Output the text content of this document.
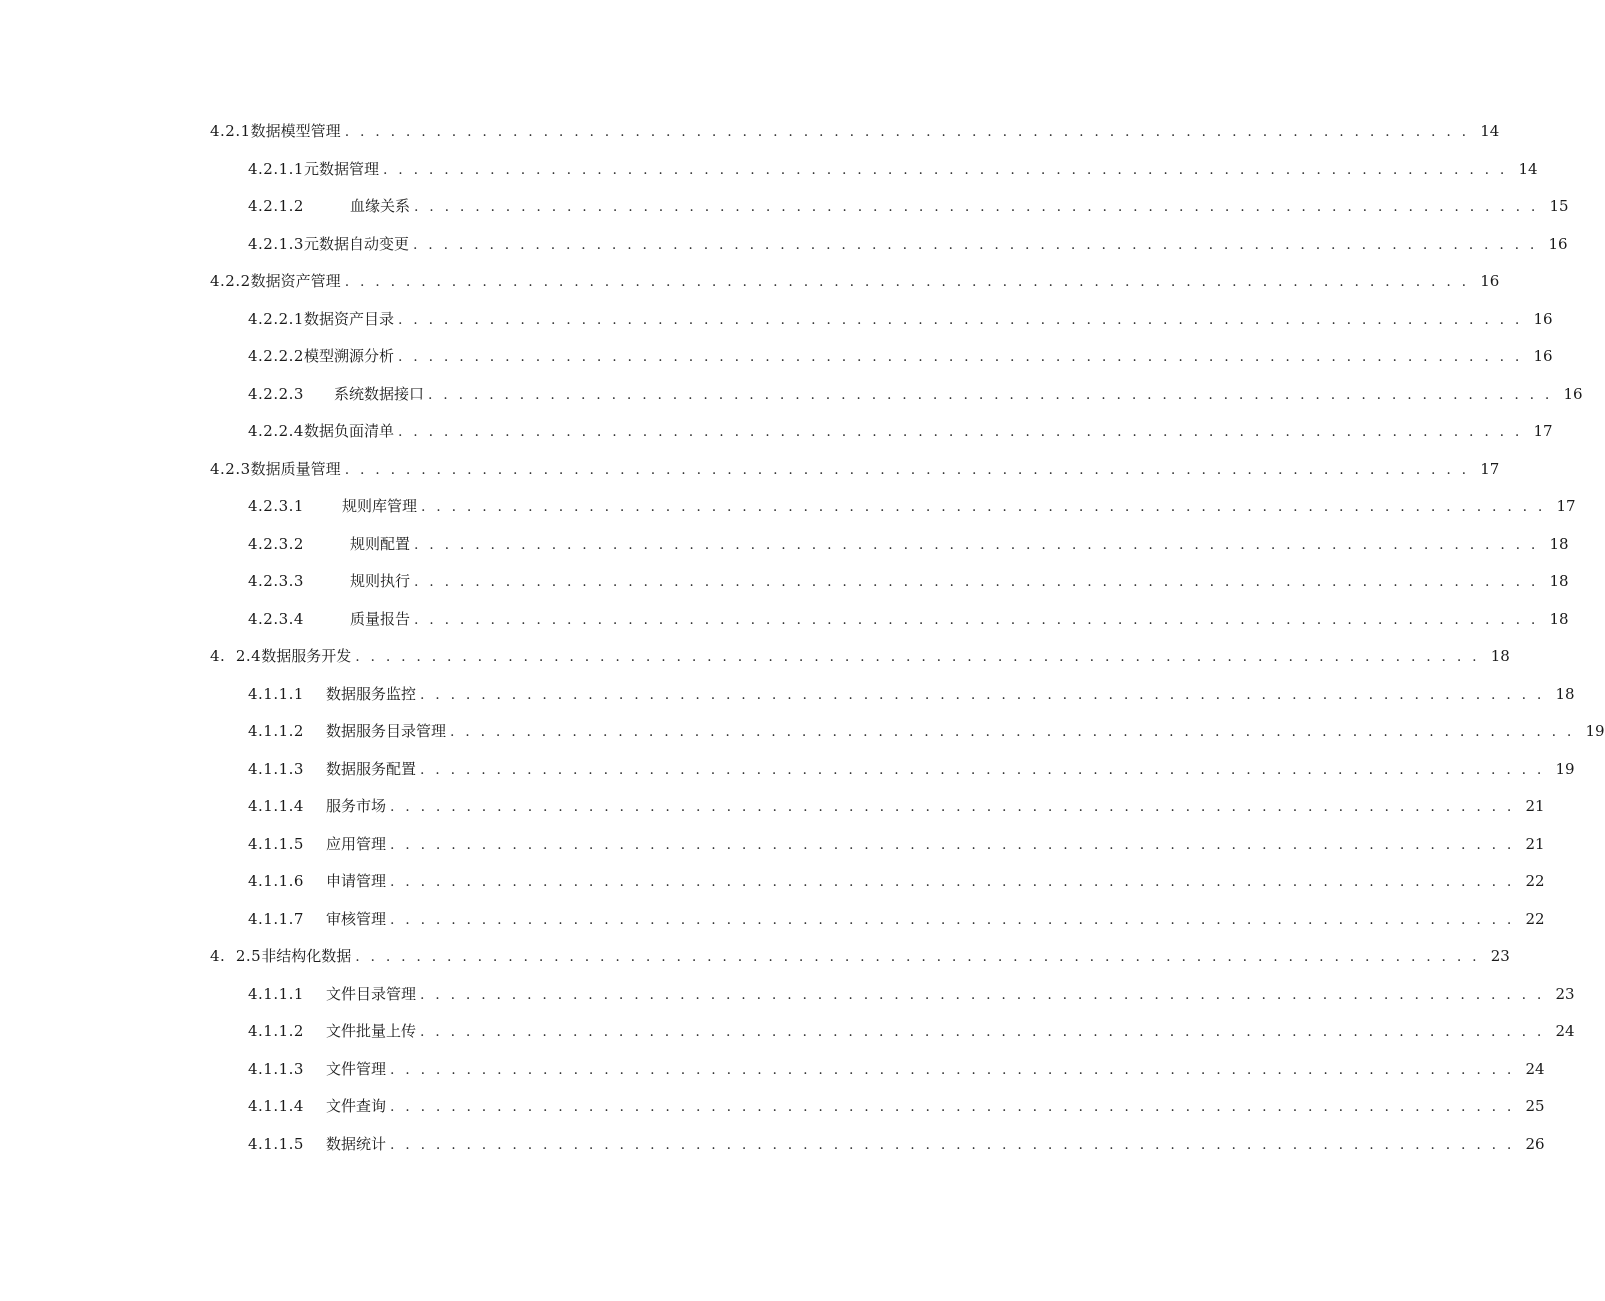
4.2.1 数据模型管理 . . . . . . . . . . . . . . . . . . . . . . . . . . . . . . . . . . . . . . . . . . . . . . . . . . . . . . . . . . . . . . . . . . . . . . . . . . 14
4.2.1.1 元数据管理 . . . . . . . . . . . . . . . . . . . . . . . . . . . . . . . . . . . . . . . . . . . . . . . . . . . . . . . . . . . . . . . . . . . . . . . . . . 14
4.2.1.2	血缘关系 . . . . . . . . . . . . . . . . . . . . . . . . . . . . . . . . . . . . . . . . . . . . . . . . . . . . . . . . . . . . . . . . . . . . . . . . . . 15
4.2.1.3 元数据自动变更 . . . . . . . . . . . . . . . . . . . . . . . . . . . . . . . . . . . . . . . . . . . . . . . . . . . . . . . . . . . . . . . . . . . . . . . . . . 16
4.2.2 数据资产管理 . . . . . . . . . . . . . . . . . . . . . . . . . . . . . . . . . . . . . . . . . . . . . . . . . . . . . . . . . . . . . . . . . . . . . . . . . . 16
4.2.2.1 数据资产目录 . . . . . . . . . . . . . . . . . . . . . . . . . . . . . . . . . . . . . . . . . . . . . . . . . . . . . . . . . . . . . . . . . . . . . . . . . . 16
4.2.2.2 模型溯源分析 . . . . . . . . . . . . . . . . . . . . . . . . . . . . . . . . . . . . . . . . . . . . . . . . . . . . . . . . . . . . . . . . . . . . . . . . . . 16
4.2.2.3 系统数据接口 . . . . . . . . . . . . . . . . . . . . . . . . . . . . . . . . . . . . . . . . . . . . . . . . . . . . . . . . . . . . . . . . . . . . . . . . . . 16
4.2.2.4 数据负面清单 . . . . . . . . . . . . . . . . . . . . . . . . . . . . . . . . . . . . . . . . . . . . . . . . . . . . . . . . . . . . . . . . . . . . . . . . . . 17
4.2.3 数据质量管理 . . . . . . . . . . . . . . . . . . . . . . . . . . . . . . . . . . . . . . . . . . . . . . . . . . . . . . . . . . . . . . . . . . . . . . . . . . 17
4.2.3.1	规则库管理 . . . . . . . . . . . . . . . . . . . . . . . . . . . . . . . . . . . . . . . . . . . . . . . . . . . . . . . . . . . . . . . . . . . . . . . . . . 17
4.2.3.2	规则配置 . . . . . . . . . . . . . . . . . . . . . . . . . . . . . . . . . . . . . . . . . . . . . . . . . . . . . . . . . . . . . . . . . . . . . . . . . . 18
4.2.3.3	规则执行 . . . . . . . . . . . . . . . . . . . . . . . . . . . . . . . . . . . . . . . . . . . . . . . . . . . . . . . . . . . . . . . . . . . . . . . . . . 18
4.2.3.4	质量报告 . . . . . . . . . . . . . . . . . . . . . . . . . . . . . . . . . . . . . . . . . . . . . . . . . . . . . . . . . . . . . . . . . . . . . . . . . . 18
4.  2.4 数据服务开发 . . . . . . . . . . . . . . . . . . . . . . . . . . . . . . . . . . . . . . . . . . . . . . . . . . . . . . . . . . . . . . . . . . . . . . . . . . 18
4.1.1.1 数据服务监控 . . . . . . . . . . . . . . . . . . . . . . . . . . . . . . . . . . . . . . . . . . . . . . . . . . . . . . . . . . . . . . . . . . . . . . . . . . 18
4.1.1.2 数据服务目录管理 . . . . . . . . . . . . . . . . . . . . . . . . . . . . . . . . . . . . . . . . . . . . . . . . . . . . . . . . . . . . . . . . . . . . . . . . . . 19
4.1.1.3 数据服务配置 . . . . . . . . . . . . . . . . . . . . . . . . . . . . . . . . . . . . . . . . . . . . . . . . . . . . . . . . . . . . . . . . . . . . . . . . . . 19
4.1.1.4 服务市场 . . . . . . . . . . . . . . . . . . . . . . . . . . . . . . . . . . . . . . . . . . . . . . . . . . . . . . . . . . . . . . . . . . . . . . . . . . 21
4.1.1.5 应用管理 . . . . . . . . . . . . . . . . . . . . . . . . . . . . . . . . . . . . . . . . . . . . . . . . . . . . . . . . . . . . . . . . . . . . . . . . . . 21
4.1.1.6 申请管理 . . . . . . . . . . . . . . . . . . . . . . . . . . . . . . . . . . . . . . . . . . . . . . . . . . . . . . . . . . . . . . . . . . . . . . . . . . 22
4.1.1.7 审核管理 . . . . . . . . . . . . . . . . . . . . . . . . . . . . . . . . . . . . . . . . . . . . . . . . . . . . . . . . . . . . . . . . . . . . . . . . . . 22
4.  2.5 非结构化数据 . . . . . . . . . . . . . . . . . . . . . . . . . . . . . . . . . . . . . . . . . . . . . . . . . . . . . . . . . . . . . . . . . . . . . . . . . . 23
4.1.1.1 文件目录管理 . . . . . . . . . . . . . . . . . . . . . . . . . . . . . . . . . . . . . . . . . . . . . . . . . . . . . . . . . . . . . . . . . . . . . . . . . . 23
4.1.1.2 文件批量上传 . . . . . . . . . . . . . . . . . . . . . . . . . . . . . . . . . . . . . . . . . . . . . . . . . . . . . . . . . . . . . . . . . . . . . . . . . . 24
4.1.1.3 文件管理 . . . . . . . . . . . . . . . . . . . . . . . . . . . . . . . . . . . . . . . . . . . . . . . . . . . . . . . . . . . . . . . . . . . . . . . . . . 24
4.1.1.4 文件查询 . . . . . . . . . . . . . . . . . . . . . . . . . . . . . . . . . . . . . . . . . . . . . . . . . . . . . . . . . . . . . . . . . . . . . . . . . . 25
4.1.1.5 数据统计 . . . . . . . . . . . . . . . . . . . . . . . . . . . . . . . . . . . . . . . . . . . . . . . . . . . . . . . . . . . . . . . . . . . . . . . . . . 26
